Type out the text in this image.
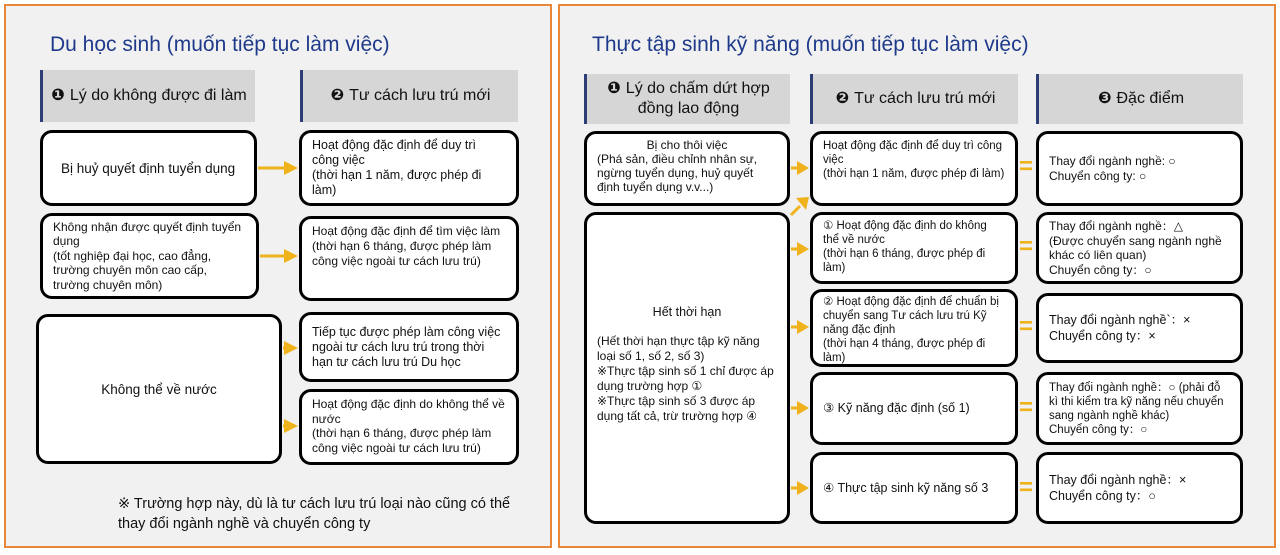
Du học sinh (muốn tiếp tục làm việc)
❶ Lý do không được đi làm	❷ Tư cách lưu trú mới
Bị huỷ quyết định tuyển dụng
Không nhận được quyết định tuyển dụng
(tốt nghiệp đại học, cao đẳng, trường chuyên môn cao cấp, trường chuyên môn)
Không thể về nước
Hoạt động đặc định để duy trì công việc
(thời hạn 1 năm, được phép đi làm)
Hoạt động đặc định để tìm việc làm
(thời hạn 6 tháng, được phép làm công việc ngoài tư cách lưu trú)
Tiếp tục được phép làm công việc ngoài tư cách lưu trú trong thời hạn tư cách lưu trú Du học
Hoạt động đặc định do không thể về nước
(thời hạn 6 tháng, được phép làm công việc ngoài tư cách lưu trú)
※ Trường hợp này, dù là tư cách lưu trú loại nào cũng có thể thay đổi ngành nghề và chuyển công ty
Thực tập sinh kỹ năng (muốn tiếp tục làm việc)
❶ Lý do chấm dứt hợp đồng lao động
❷ Tư cách lưu trú mới	❸ Đặc điểm
Bị cho thôi việc
(Phá sản, điều chỉnh nhân sự, ngừng tuyển dụng, huỷ quyết định tuyển dụng v.v...)
Hết thời hạn
(Hết thời hạn thực tập kỹ năng loại số 1, số 2, số 3)
※Thực tập sinh số 1 chỉ được áp dụng trường hợp ①
※Thực tập sinh số 3 được áp dụng tất cả, trừ trường hợp ④
Hoạt động đặc định để duy trì công việc
(thời hạn 1 năm, được phép đi làm)
① Hoạt động đặc định do không thể về nước
(thời hạn 6 tháng, được phép đi làm)
② Hoạt động đặc định để chuẩn bị chuyển sang Tư cách lưu trú Kỹ năng đặc định
(thời hạn 4 tháng, được phép đi làm)
③ Kỹ năng đặc định (số 1)
④ Thực tập sinh kỹ năng số 3
Thay đổi ngành nghề: ○
Chuyển công ty: ○
Thay đổi ngành nghề：△
(Được chuyển sang ngành nghề khác có liên quan)
Chuyển công ty：○
Thay đổi ngành nghề`：×
Chuyển công ty：×
Thay đổi ngành nghề：○ (phải đỗ kì thi kiểm tra kỹ năng nếu chuyển sang ngành nghề khác)
Chuyển công ty：○
Thay đổi ngành nghề：×
Chuyển công ty：○
=
=
=
=
=
